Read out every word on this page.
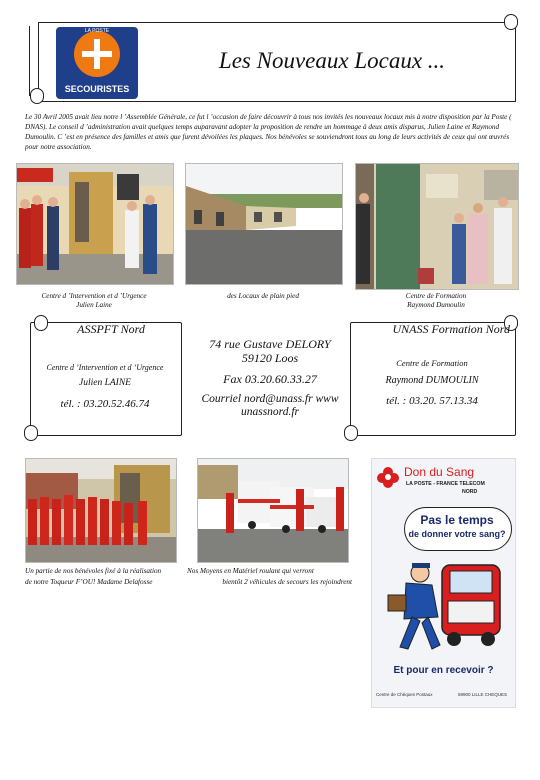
LA POSTE
SECOURISTES
Les Nouveaux Locaux ...
Le 30 Avril 2005 avait lieu notre l ’Assemblée Générale, ce fut l ’occasion de faire découvrir à tous nos invités les nouveaux locaux mis à notre disposition par la Poste ( DNAS). Le conseil d ’administration avait quelques temps auparavant adopter la proposition de rendre un hommage à deux amis disparus, Julien Laine et Raymond Dumoulin. C ’est en présence des familles et amis que furent dévoilées les plaques. Nos bénévoles se souviendront tous au long de leurs activités de ceux qui ont œuvrés pour notre association.
Centre d ’Intervention et d ’Urgence
Julien Laine
des Locaux de plain pied	Centre de Formation
Raymond Dumoulin
ASSPFT Nord
Centre d ’Intervention et d ’Urgence
Julien LAINE
tél. : 03.20.52.46.74
74 rue Gustave DELORY
59120 Loos
Fax 03.20.60.33.27
Courriel nord@unass.fr www
unassnord.fr
UNASS Formation Nord
Centre de Formation
Raymond DUMOULIN
tél. : 03.20. 57.13.34
Un partie de nos bénévoles fixé à la réalisation
de notre Toqueur F’OU! Madame Delafosse
Nos Moyens en Matériel roulant qui verront
bientôt 2 véhicules de secours les rejoindrent
Don du Sang
LA POSTE - FRANCE TELECOM
NORD
Pas le temps
de donner votre sang?
Et pour en recevoir ?
Centre de Chèques Postaux	59900 LILLE CHEQUES
